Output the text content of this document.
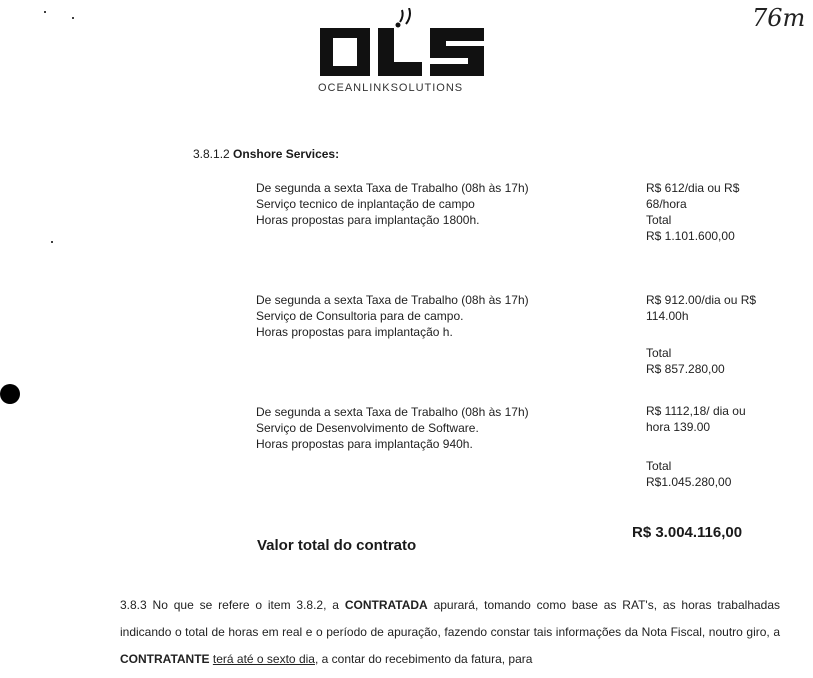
OCEANLINKSOLUTIONS
76m
3.8.1.2 Onshore Services:
De segunda a sexta Taxa de Trabalho (08h às 17h)
Serviço tecnico de inplantação de campo
Horas propostas para implantação 1800h.
R$ 612/dia ou R$
68/hora
Total
R$ 1.101.600,00
De segunda a sexta Taxa de Trabalho (08h às 17h)
Serviço de Consultoria para de campo.
Horas propostas para implantação h.
R$ 912.00/dia ou R$
114.00h
Total
R$ 857.280,00
De segunda a sexta Taxa de Trabalho (08h às 17h)
Serviço de Desenvolvimento de Software.
Horas propostas para implantação 940h.
R$ 1112,18/ dia ou
hora 139.00
Total
R$1.045.280,00
Valor total do contrato
R$ 3.004.116,00
3.8.3 No que se refere o item 3.8.2, a CONTRATADA apurará, tomando como base as RAT's, as horas trabalhadas indicando o total de horas em real e o período de apuração, fazendo constar tais informações da Nota Fiscal, noutro giro, a CONTRATANTE terá até o sexto dia, a contar do recebimento da fatura, para
